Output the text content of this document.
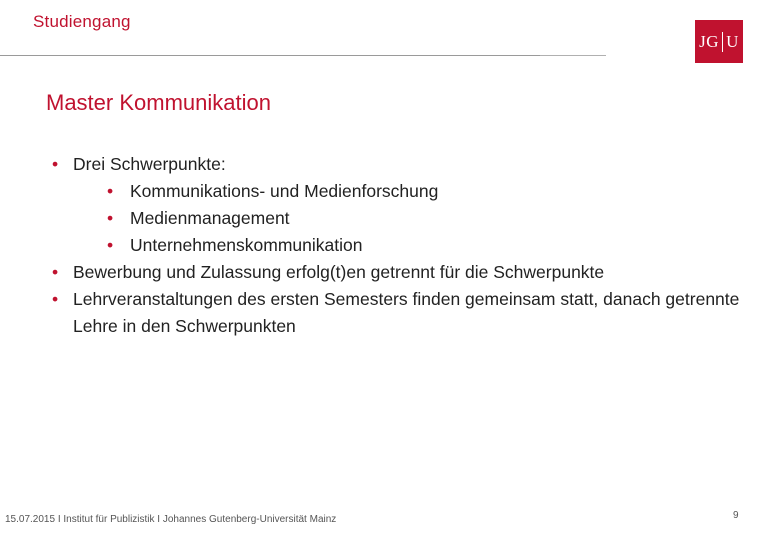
Studiengang
JG U
Master Kommunikation
• Drei Schwerpunkte:
• Kommunikations- und Medienforschung
• Medienmanagement
• Unternehmenskommunikation
• Bewerbung und Zulassung erfolg(t)en getrennt für die Schwerpunkte
• Lehrveranstaltungen des ersten Semesters finden gemeinsam statt, danach getrennte Lehre in den Schwerpunkten
15.07.2015 I Institut für Publizistik I Johannes Gutenberg-Universität Mainz	9
